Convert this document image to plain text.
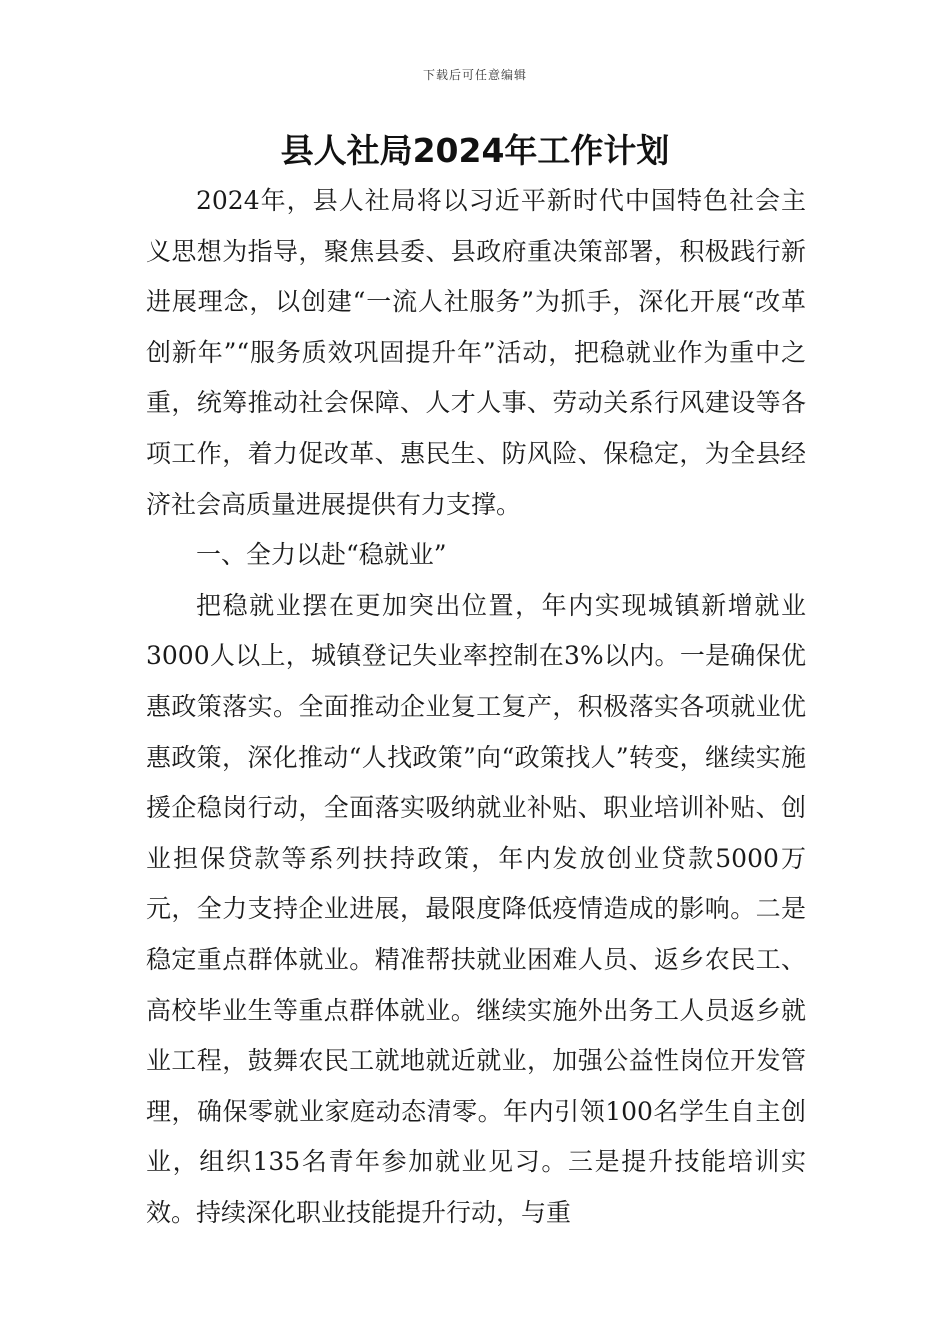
下载后可任意编辑
县人社局2024年工作计划

2024年，县人社局将以习近平新时代中国特色社会主义思想为指导，聚焦县委、县政府重决策部署，积极践行新进展理念，以创建“一流人社服务”为抓手，深化开展“改革创新年”“服务质效巩固提升年”活动，把稳就业作为重中之重，统筹推动社会保障、人才人事、劳动关系行风建设等各项工作，着力促改革、惠民生、防风险、保稳定，为全县经济社会高质量进展提供有力支撑。

一、全力以赴“稳就业”

把稳就业摆在更加突出位置，年内实现城镇新增就业3000人以上，城镇登记失业率控制在3%以内。一是确保优惠政策落实。全面推动企业复工复产，积极落实各项就业优惠政策，深化推动“人找政策”向“政策找人”转变，继续实施援企稳岗行动，全面落实吸纳就业补贴、职业培训补贴、创业担保贷款等系列扶持政策，年内发放创业贷款5000万元，全力支持企业进展，最限度降低疫情造成的影响。二是稳定重点群体就业。精准帮扶就业困难人员、返乡农民工、高校毕业生等重点群体就业。继续实施外出务工人员返乡就业工程，鼓舞农民工就地就近就业，加强公益性岗位开发管理，确保零就业家庭动态清零。年内引领100名学生自主创业，组织135名青年参加就业见习。三是提升技能培训实效。持续深化职业技能提升行动，与重
